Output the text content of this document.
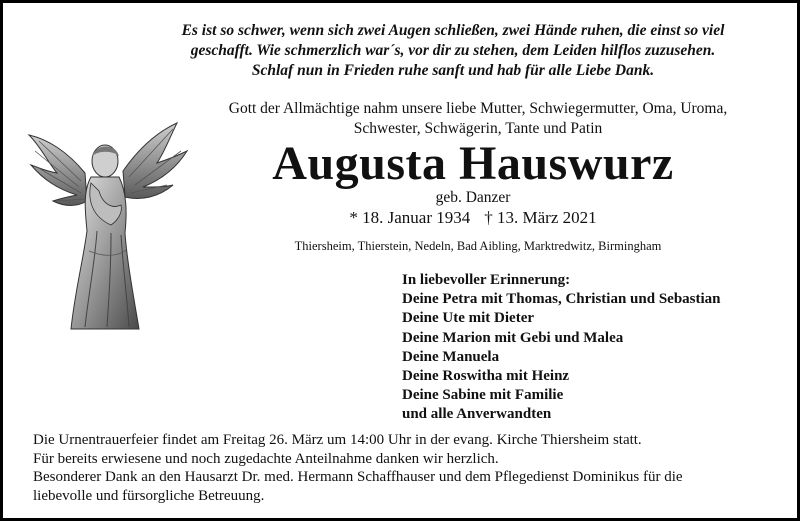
Es ist so schwer, wenn sich zwei Augen schließen, zwei Hände ruhen, die einst so viel
geschafft. Wie schmerzlich war´s, vor dir zu stehen, dem Leiden hilflos zuzusehen.
Schlaf nun in Frieden ruhe sanft und hab für alle Liebe Dank.
Gott der Allmächtige nahm unsere liebe Mutter, Schwiegermutter, Oma, Uroma,
Schwester, Schwägerin, Tante und Patin
Augusta Hauswurz
geb. Danzer
* 18. Januar 1934 † 13. März 2021
Thiersheim, Thierstein, Nedeln, Bad Aibling, Marktredwitz, Birmingham
In liebevoller Erinnerung:
Deine Petra mit Thomas, Christian und Sebastian
Deine Ute mit Dieter
Deine Marion mit Gebi und Malea
Deine Manuela
Deine Roswitha mit Heinz
Deine Sabine mit Familie
und alle Anverwandten
Die Urnentrauerfeier findet am Freitag 26. März um 14:00 Uhr in der evang. Kirche Thiersheim statt.
Für bereits erwiesene und noch zugedachte Anteilnahme danken wir herzlich.
Besonderer Dank an den Hausarzt Dr. med. Hermann Schaffhauser und dem Pflegedienst Dominikus für die
liebevolle und fürsorgliche Betreuung.
